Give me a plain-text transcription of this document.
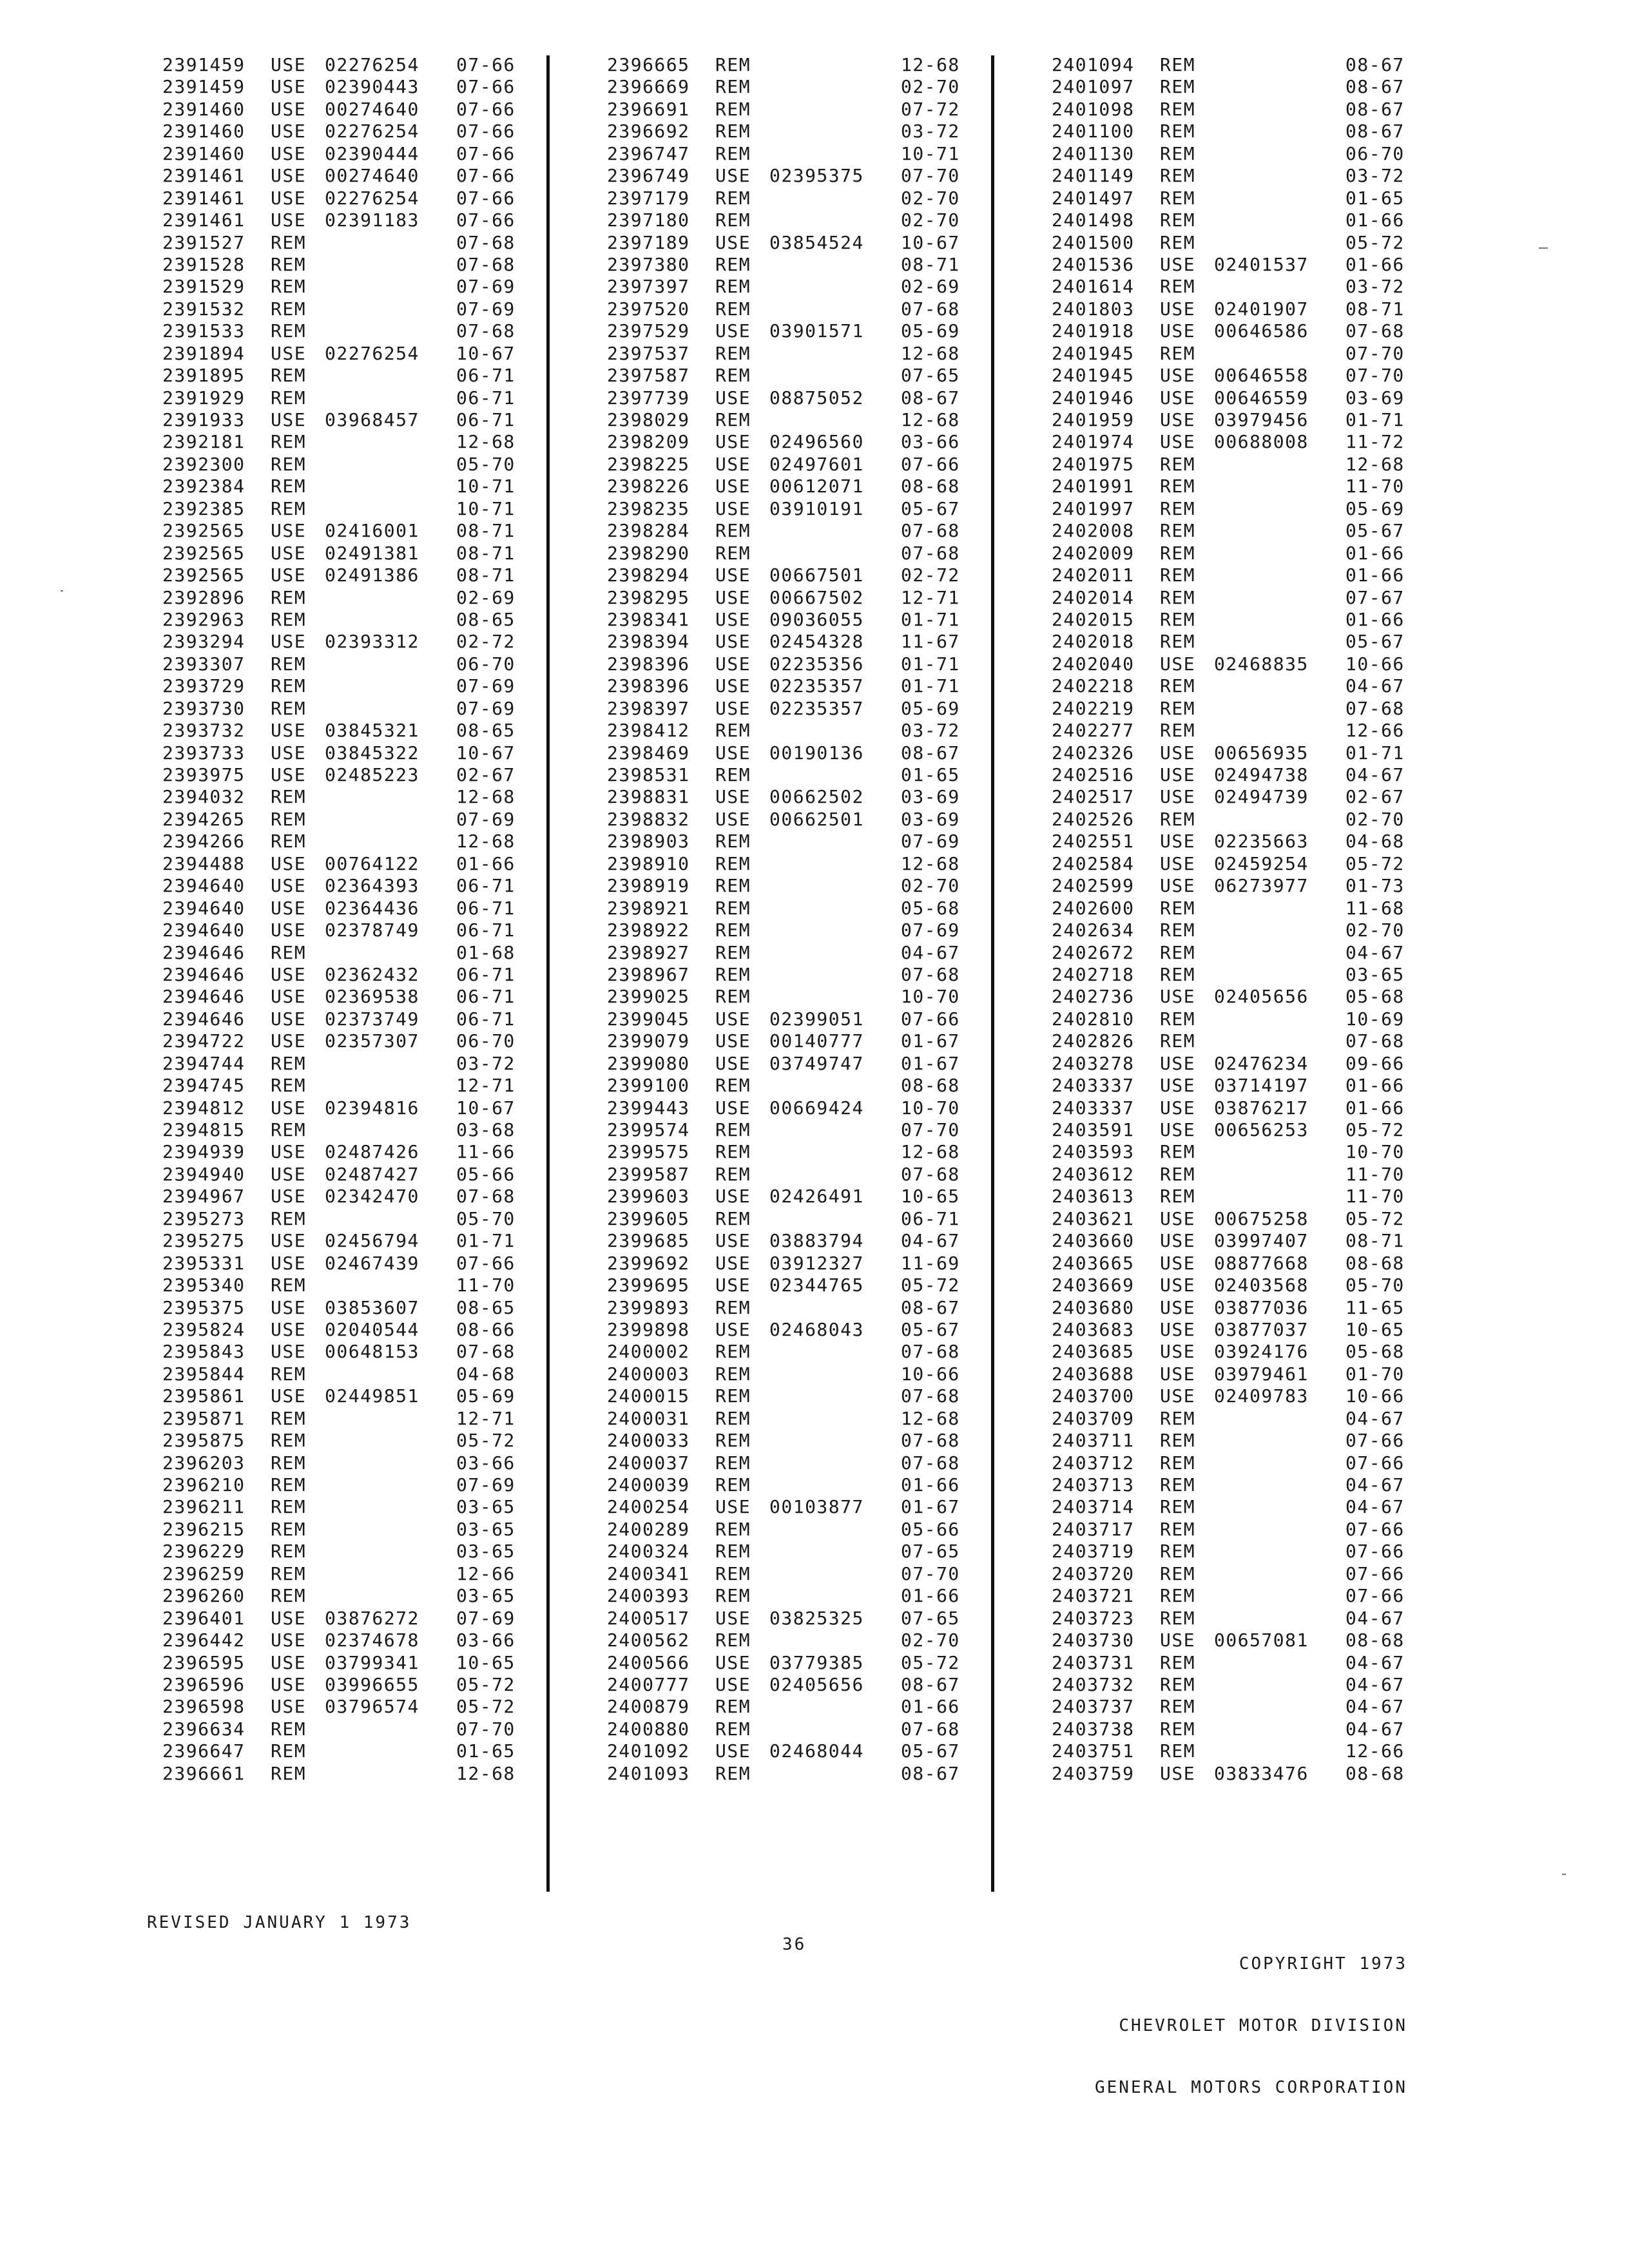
2391459 USE 02276254 07-66
2391459 USE 02390443 07-66
2391460 USE 00274640 07-66
2391460 USE 02276254 07-66
2391460 USE 02390444 07-66
2391461 USE 00274640 07-66
2391461 USE 02276254 07-66
2391461 USE 02391183 07-66
2391527 REM	07-68
2391528 REM	07-68
2391529 REM	07-69
2391532 REM	07-69
2391533 REM	07-68
2391894 USE 02276254 10-67
2391895 REM	06-71
2391929 REM	06-71
2391933 USE 03968457 06-71
2392181 REM	12-68
2392300 REM	05-70
2392384 REM	10-71
2392385 REM	10-71
2392565 USE 02416001 08-71
2392565 USE 02491381 08-71
2392565 USE 02491386 08-71
2392896 REM	02-69
2392963 REM	08-65
2393294 USE 02393312 02-72
2393307 REM	06-70
2393729 REM	07-69
2393730 REM	07-69
2393732 USE 03845321 08-65
2393733 USE 03845322 10-67
2393975 USE 02485223 02-67
2394032 REM	12-68
2394265 REM	07-69
2394266 REM	12-68
2394488 USE 00764122 01-66
2394640 USE 02364393 06-71
2394640 USE 02364436 06-71
2394640 USE 02378749 06-71
2394646 REM	01-68
2394646 USE 02362432 06-71
2394646 USE 02369538 06-71
2394646 USE 02373749 06-71
2394722 USE 02357307 06-70
2394744 REM	03-72
2394745 REM	12-71
2394812 USE 02394816 10-67
2394815 REM	03-68
2394939 USE 02487426 11-66
2394940 USE 02487427 05-66
2394967 USE 02342470 07-68
2395273 REM	05-70
2395275 USE 02456794 01-71
2395331 USE 02467439 07-66
2395340 REM	11-70
2395375 USE 03853607 08-65
2395824 USE 02040544 08-66
2395843 USE 00648153 07-68
2395844 REM	04-68
2395861 USE 02449851 05-69
2395871 REM	12-71
2395875 REM	05-72
2396203 REM	03-66
2396210 REM	07-69
2396211 REM	03-65
2396215 REM	03-65
2396229 REM	03-65
2396259 REM	12-66
2396260 REM	03-65
2396401 USE 03876272 07-69
2396442 USE 02374678 03-66
2396595 USE 03799341 10-65
2396596 USE 03996655 05-72
2396598 USE 03796574 05-72
2396634 REM	07-70
2396647 REM	01-65
2396661 REM	12-68
2396665 REM	12-68
2396669 REM	02-70
2396691 REM	07-72
2396692 REM	03-72
2396747 REM	10-71
2396749 USE 02395375 07-70
2397179 REM	02-70
2397180 REM	02-70
2397189 USE 03854524 10-67
2397380 REM	08-71
2397397 REM	02-69
2397520 REM	07-68
2397529 USE 03901571 05-69
2397537 REM	12-68
2397587 REM	07-65
2397739 USE 08875052 08-67
2398029 REM	12-68
2398209 USE 02496560 03-66
2398225 USE 02497601 07-66
2398226 USE 00612071 08-68
2398235 USE 03910191 05-67
2398284 REM	07-68
2398290 REM	07-68
2398294 USE 00667501 02-72
2398295 USE 00667502 12-71
2398341 USE 09036055 01-71
2398394 USE 02454328 11-67
2398396 USE 02235356 01-71
2398396 USE 02235357 01-71
2398397 USE 02235357 05-69
2398412 REM	03-72
2398469 USE 00190136 08-67
2398531 REM	01-65
2398831 USE 00662502 03-69
2398832 USE 00662501 03-69
2398903 REM	07-69
2398910 REM	12-68
2398919 REM	02-70
2398921 REM	05-68
2398922 REM	07-69
2398927 REM	04-67
2398967 REM	07-68
2399025 REM	10-70
2399045 USE 02399051 07-66
2399079 USE 00140777 01-67
2399080 USE 03749747 01-67
2399100 REM	08-68
2399443 USE 00669424 10-70
2399574 REM	07-70
2399575 REM	12-68
2399587 REM	07-68
2399603 USE 02426491 10-65
2399605 REM	06-71
2399685 USE 03883794 04-67
2399692 USE 03912327 11-69
2399695 USE 02344765 05-72
2399893 REM	08-67
2399898 USE 02468043 05-67
2400002 REM	07-68
2400003 REM	10-66
2400015 REM	07-68
2400031 REM	12-68
2400033 REM	07-68
2400037 REM	07-68
2400039 REM	01-66
2400254 USE 00103877 01-67
2400289 REM	05-66
2400324 REM	07-65
2400341 REM	07-70
2400393 REM	01-66
2400517 USE 03825325 07-65
2400562 REM	02-70
2400566 USE 03779385 05-72
2400777 USE 02405656 08-67
2400879 REM	01-66
2400880 REM	07-68
2401092 USE 02468044 05-67
2401093 REM	08-67
2401094 REM	08-67
2401097 REM	08-67
2401098 REM	08-67
2401100 REM	08-67
2401130 REM	06-70
2401149 REM	03-72
2401497 REM	01-65
2401498 REM	01-66
2401500 REM	05-72
2401536 USE 02401537 01-66
2401614 REM	03-72
2401803 USE 02401907 08-71
2401918 USE 00646586 07-68
2401945 REM	07-70
2401945 USE 00646558 07-70
2401946 USE 00646559 03-69
2401959 USE 03979456 01-71
2401974 USE 00688008 11-72
2401975 REM	12-68
2401991 REM	11-70
2401997 REM	05-69
2402008 REM	05-67
2402009 REM	01-66
2402011 REM	01-66
2402014 REM	07-67
2402015 REM	01-66
2402018 REM	05-67
2402040 USE 02468835 10-66
2402218 REM	04-67
2402219 REM	07-68
2402277 REM	12-66
2402326 USE 00656935 01-71
2402516 USE 02494738 04-67
2402517 USE 02494739 02-67
2402526 REM	02-70
2402551 USE 02235663 04-68
2402584 USE 02459254 05-72
2402599 USE 06273977 01-73
2402600 REM	11-68
2402634 REM	02-70
2402672 REM	04-67
2402718 REM	03-65
2402736 USE 02405656 05-68
2402810 REM	10-69
2402826 REM	07-68
2403278 USE 02476234 09-66
2403337 USE 03714197 01-66
2403337 USE 03876217 01-66
2403591 USE 00656253 05-72
2403593 REM	10-70
2403612 REM	11-70
2403613 REM	11-70
2403621 USE 00675258 05-72
2403660 USE 03997407 08-71
2403665 USE 08877668 08-68
2403669 USE 02403568 05-70
2403680 USE 03877036 11-65
2403683 USE 03877037 10-65
2403685 USE 03924176 05-68
2403688 USE 03979461 01-70
2403700 USE 02409783 10-66
2403709 REM	04-67
2403711 REM	07-66
2403712 REM	07-66
2403713 REM	04-67
2403714 REM	04-67
2403717 REM	07-66
2403719 REM	07-66
2403720 REM	07-66
2403721 REM	07-66
2403723 REM	04-67
2403730 USE 00657081 08-68
2403731 REM	04-67
2403732 REM	04-67
2403737 REM	04-67
2403738 REM	04-67
2403751 REM	12-66
2403759 USE 03833476 08-68
REVISED JANUARY 1 1973
36

COPYRIGHT 1973

CHEVROLET MOTOR DIVISION

GENERAL MOTORS CORPORATION
